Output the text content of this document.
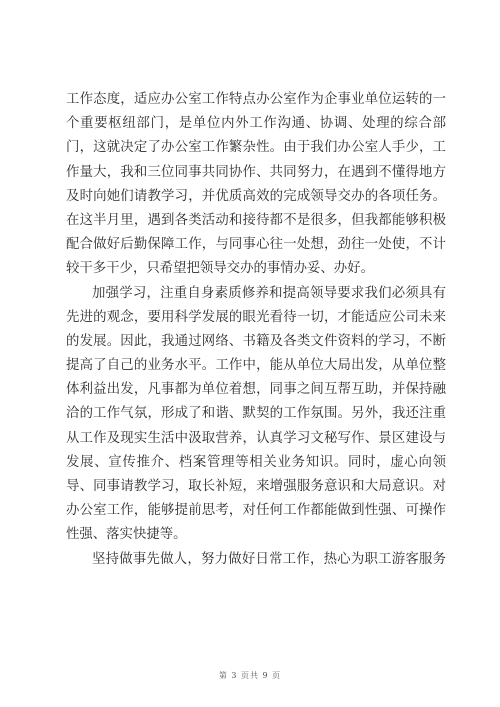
工作态度，适应办公室工作特点办公室作为企事业单位运转的一
个重要枢纽部门，是单位内外工作沟通、协调、处理的综合部
门，这就决定了办公室工作繁杂性。由于我们办公室人手少，工
作量大，我和三位同事共同协作、共同努力，在遇到不懂得地方
及时向她们请教学习，并优质高效的完成领导交办的各项任务。
在这半月里，遇到各类活动和接待都不是很多，但我都能够积极
配合做好后勤保障工作，与同事心往一处想，劲往一处使，不计
较干多干少，只希望把领导交办的事情办妥、办好。
加强学习，注重自身素质修养和提高领导要求我们必须具有
先进的观念，要用科学发展的眼光看待一切，才能适应公司未来
的发展。因此，我通过网络、书籍及各类文件资料的学习，不断
提高了自己的业务水平。工作中，能从单位大局出发，从单位整
体利益出发，凡事都为单位着想，同事之间互帮互助，并保持融
洽的工作气氛，形成了和谐、默契的工作氛围。另外，我还注重
从工作及现实生活中汲取营养，认真学习文秘写作、景区建设与
发展、宣传推介、档案管理等相关业务知识。同时，虚心向领
导、同事请教学习，取长补短，来增强服务意识和大局意识。对
办公室工作，能够提前思考，对任何工作都能做到性强、可操作
性强、落实快捷等。
坚持做事先做人，努力做好日常工作，热心为职工游客服务
第 3 页共 9 页
